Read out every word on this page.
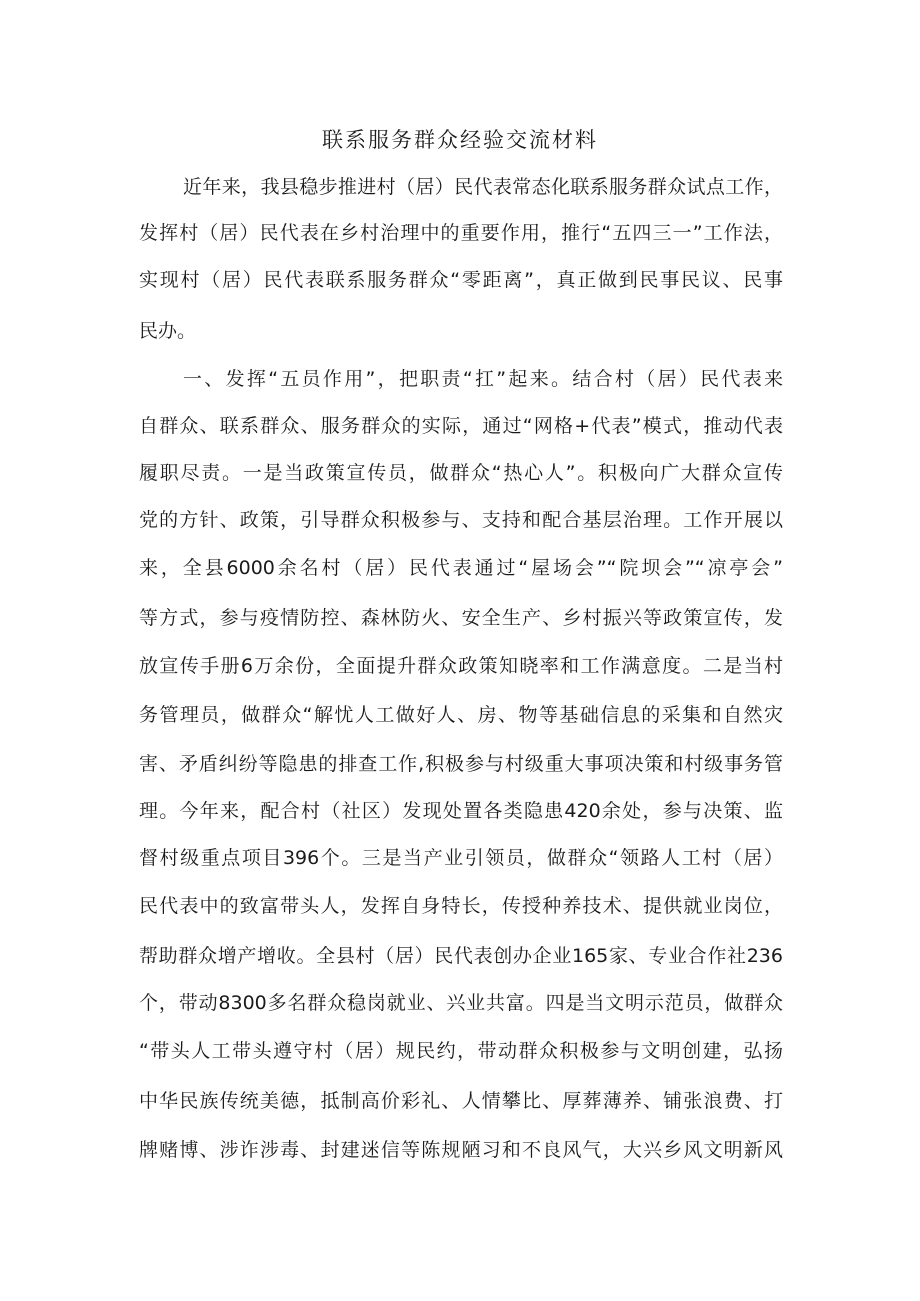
联系服务群众经验交流材料

近年来，我县稳步推进村（居）民代表常态化联系服务群众试点工作，

发挥村（居）民代表在乡村治理中的重要作用，推行“五四三一”工作法，

实现村（居）民代表联系服务群众“零距离”，真正做到民事民议、民事

民办。

一、发挥“五员作用”，把职责“扛”起来。结合村（居）民代表来

自群众、联系群众、服务群众的实际，通过“网格+代表”模式，推动代表

履职尽责。一是当政策宣传员，做群众“热心人”。积极向广大群众宣传

党的方针、政策，引导群众积极参与、支持和配合基层治理。工作开展以

来，全县6000余名村（居）民代表通过“屋场会”“院坝会”“凉亭会”

等方式，参与疫情防控、森林防火、安全生产、乡村振兴等政策宣传，发

放宣传手册6万余份，全面提升群众政策知晓率和工作满意度。二是当村

务管理员，做群众“解忧人工做好人、房、物等基础信息的采集和自然灾

害、矛盾纠纷等隐患的排查工作,积极参与村级重大事项决策和村级事务管

理。今年来，配合村（社区）发现处置各类隐患420余处，参与决策、监

督村级重点项目396个。三是当产业引领员，做群众“领路人工村（居）

民代表中的致富带头人，发挥自身特长，传授种养技术、提供就业岗位，

帮助群众增产增收。全县村（居）民代表创办企业165家、专业合作社236

个，带动8300多名群众稳岗就业、兴业共富。四是当文明示范员，做群众

“带头人工带头遵守村（居）规民约，带动群众积极参与文明创建，弘扬

中华民族传统美德，抵制高价彩礼、人情攀比、厚葬薄养、铺张浪费、打

牌赌博、涉诈涉毒、封建迷信等陈规陋习和不良风气，大兴乡风文明新风
